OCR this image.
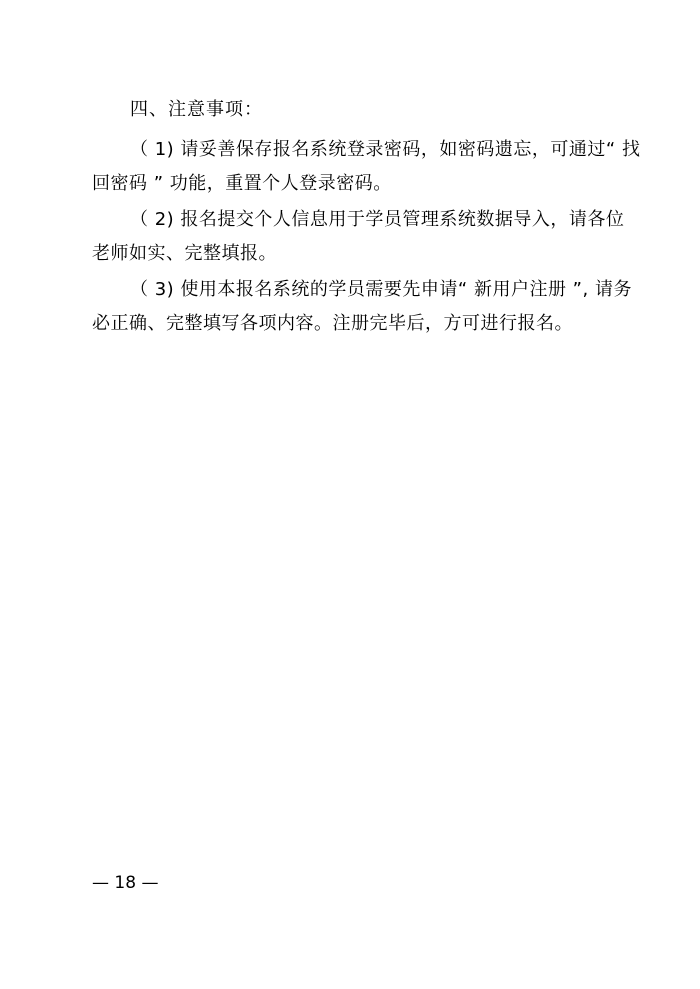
四、注意事项：
（ 1) 请妥善保存报名系统登录密码，如密码遗忘，可通过“ 找
回密码 ” 功能，重置个人登录密码。
（ 2) 报名提交个人信息用于学员管理系统数据导入，请各位
老师如实、完整填报。
（ 3) 使用本报名系统的学员需要先申请“ 新用户注册 ”, 请务
必正确、完整填写各项内容。注册完毕后，方可进行报名。
— 18 —
